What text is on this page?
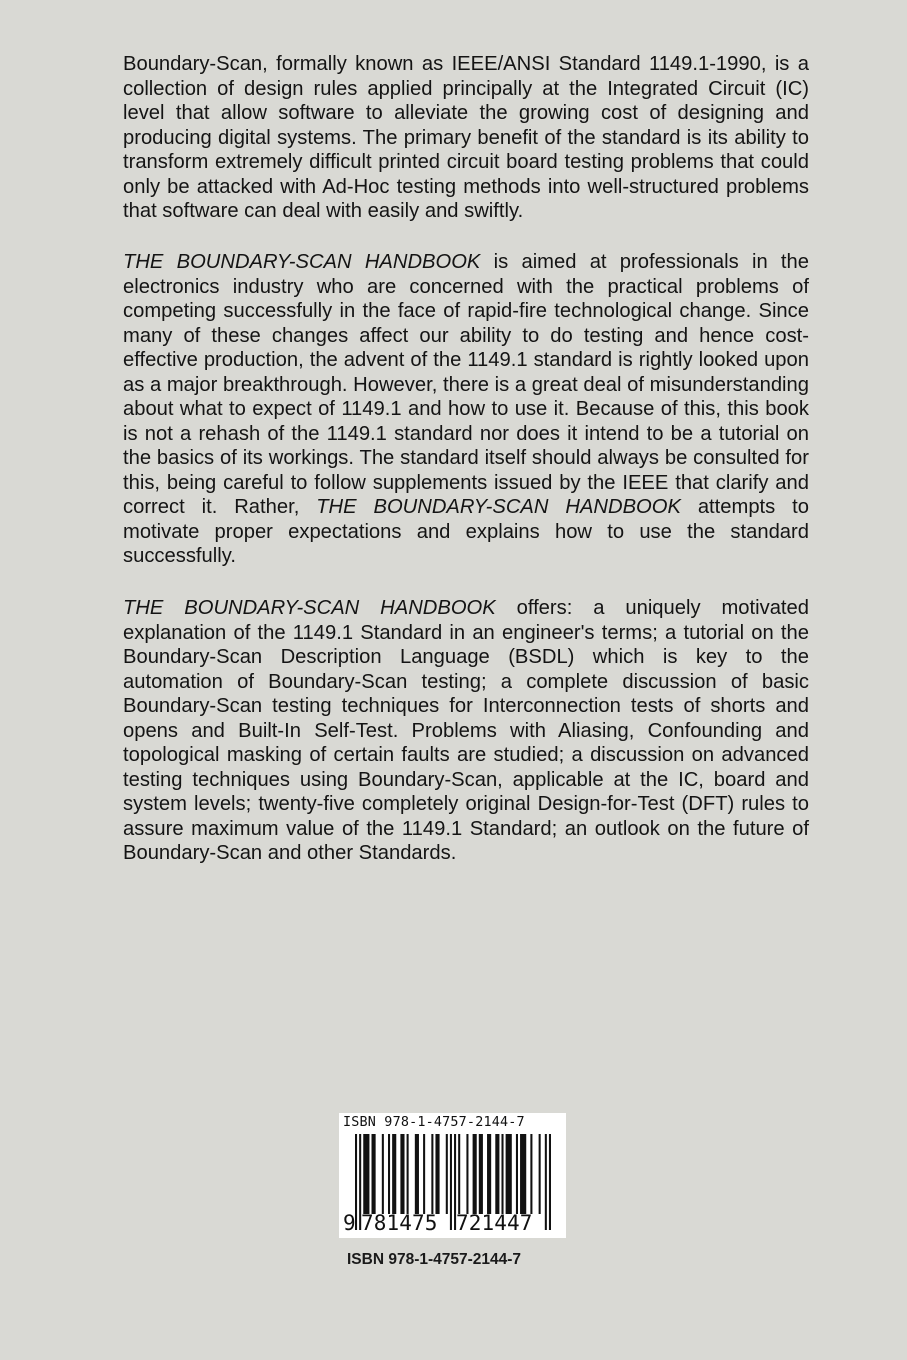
Boundary-Scan, formally known as IEEE/ANSI Standard 1149.1-1990, is a collection of design rules applied principally at the Integrated Circuit (IC) level that allow software to alleviate the growing cost of designing and producing digital systems. The primary benefit of the standard is its ability to transform extremely difficult printed circuit board testing problems that could only be attacked with Ad-Hoc testing methods into well-structured problems that software can deal with easily and swiftly.

THE BOUNDARY-SCAN HANDBOOK is aimed at professionals in the electronics industry who are concerned with the practical problems of competing successfully in the face of rapid-fire technological change. Since many of these changes affect our ability to do testing and hence cost-effective production, the advent of the 1149.1 standard is rightly looked upon as a major breakthrough. However, there is a great deal of misunderstanding about what to expect of 1149.1 and how to use it. Because of this, this book is not a rehash of the 1149.1 standard nor does it intend to be a tutorial on the basics of its workings. The standard itself should always be consulted for this, being careful to follow supplements issued by the IEEE that clarify and correct it. Rather, THE BOUNDARY-SCAN HANDBOOK attempts to motivate proper expectations and explains how to use the standard successfully.

THE BOUNDARY-SCAN HANDBOOK offers: a uniquely motivated explanation of the 1149.1 Standard in an engineer's terms; a tutorial on the Boundary-Scan Description Language (BSDL) which is key to the automation of Boundary-Scan testing; a complete discussion of basic Boundary-Scan testing techniques for Interconnection tests of shorts and opens and Built-In Self-Test. Problems with Aliasing, Confounding and topological masking of certain faults are studied; a discussion on advanced testing techniques using Boundary-Scan, applicable at the IC, board and system levels; twenty-five completely original Design-for-Test (DFT) rules to assure maximum value of the 1149.1 Standard; an outlook on the future of Boundary-Scan and other Standards.

ISBN 978-1-4757-2144-7
9 781475 721447
ISBN 978-1-4757-2144-7
